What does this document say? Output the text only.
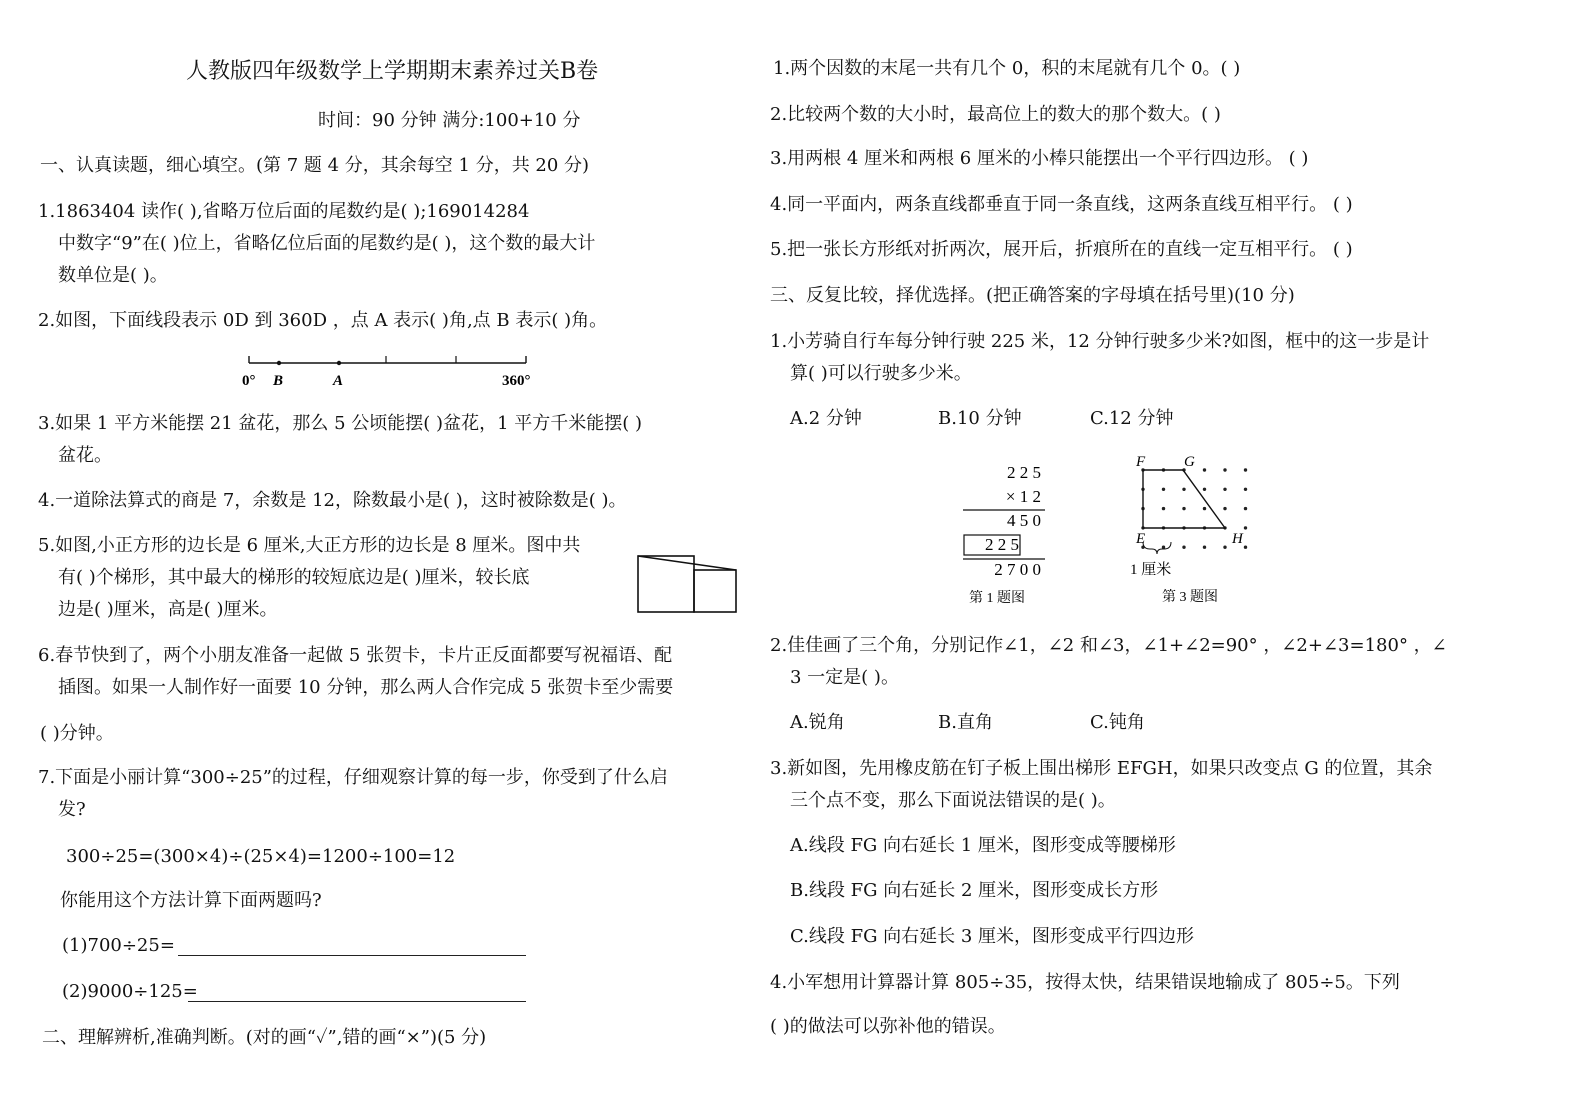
人教版四年级数学上学期期末素养过关B卷
时间：90 分钟 满分:100+10 分
一、认真读题，细心填空。(第 7 题 4 分，其余每空 1 分，共 20 分)
1.1863404 读作( ),省略万位后面的尾数约是( );169014284
中数字“9”在( )位上，省略亿位后面的尾数约是( )，这个数的最大计
数单位是( )。
2.如图，下面线段表示 0D 到 360D ，点 A 表示( )角,点 B 表示( )角。
0° B	A	360°
3.如果 1 平方米能摆 21 盆花，那么 5 公顷能摆( )盆花，1 平方千米能摆( )
盆花。
4.一道除法算式的商是 7，余数是 12，除数最小是( )，这时被除数是( )。
5.如图,小正方形的边长是 6 厘米,大正方形的边长是 8 厘米。图中共
有( )个梯形，其中最大的梯形的较短底边是( )厘米，较长底
边是( )厘米，高是( )厘米。
6.春节快到了，两个小朋友准备一起做 5 张贺卡，卡片正反面都要写祝福语、配
插图。如果一人制作好一面要 10 分钟，那么两人合作完成 5 张贺卡至少需要
( )分钟。
7.下面是小丽计算“300÷25”的过程，仔细观察计算的每一步，你受到了什么启
发?
300÷25=(300×4)÷(25×4)=1200÷100=12
你能用这个方法计算下面两题吗?
(1)700÷25=
(2)9000÷125=
二、理解辨析,准确判断。(对的画“✓”,错的画“×”)(5 分)
1.两个因数的末尾一共有几个 0，积的末尾就有几个 0。( )
2.比较两个数的大小时，最高位上的数大的那个数大。( )
3.用两根 4 厘米和两根 6 厘米的小棒只能摆出一个平行四边形。 ( )
4.同一平面内，两条直线都垂直于同一条直线，这两条直线互相平行。 ( )
5.把一张长方形纸对折两次，展开后，折痕所在的直线一定互相平行。 ( )
三、反复比较，择优选择。(把正确答案的字母填在括号里)(10 分)
1.小芳骑自行车每分钟行驶 225 米，12 分钟行驶多少米?如图，框中的这一步是计
算( )可以行驶多少米。
A.2 分钟	B.10 分钟	C.12 分钟
2 2 5
× 1 2
4 5 0
2 2 5
2 7 0 0
第 1 题图
F	G
E	H
1 厘米
第 3 题图
2.佳佳画了三个角，分别记作∠1，∠2 和∠3，∠1+∠2=90° ，∠2+∠3=180° ，∠
3 一定是( )。
A.锐角	B.直角	C.钝角
3.新如图，先用橡皮筋在钉子板上围出梯形 EFGH，如果只改变点 G 的位置，其余
三个点不变，那么下面说法错误的是( )。
A.线段 FG 向右延长 1 厘米，图形变成等腰梯形
B.线段 FG 向右延长 2 厘米，图形变成长方形
C.线段 FG 向右延长 3 厘米，图形变成平行四边形
4.小军想用计算器计算 805÷35，按得太快，结果错误地输成了 805÷5。下列
( )的做法可以弥补他的错误。
